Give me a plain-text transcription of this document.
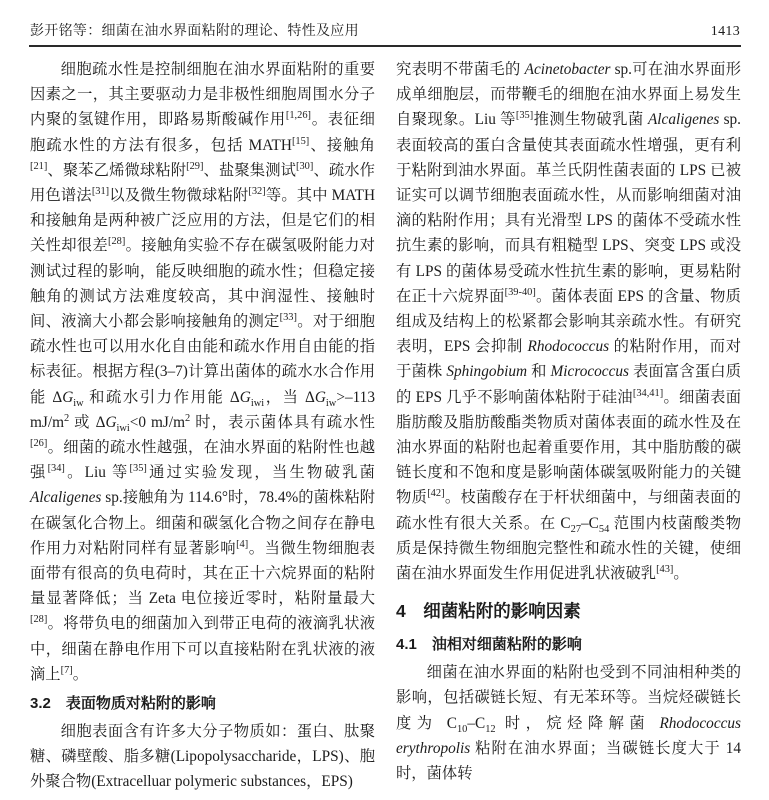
彭开铭等：细菌在油水界面粘附的理论、特性及应用	1413

细胞疏水性是控制细胞在油水界面粘附的重要因素之一，其主要驱动力是非极性细胞周围水分子内聚的氢键作用，即路易斯酸碱作用[1,26]。表征细胞疏水性的方法有很多，包括 MATH[15]、接触角[21]、聚苯乙烯微球粘附[29]、盐聚集测试[30]、疏水作用色谱法[31]以及微生物微球粘附[32]等。其中 MATH 和接触角是两种被广泛应用的方法，但是它们的相关性却很差[28]。接触角实验不存在碳氢吸附能力对测试过程的影响，能反映细胞的疏水性；但稳定接触角的测试方法难度较高，其中润湿性、接触时间、液滴大小都会影响接触角的测定[33]。对于细胞疏水性也可以用水化自由能和疏水作用自由能的指标表征。根据方程(3–7)计算出菌体的疏水水合作用能 $\Delta G_{iw}$ 和疏水引力作用能 $\Delta G_{iwi}$，当 $\Delta G_{iw}>-113$ $mJ/m^2$ 或 $\Delta G_{iwi}<0$ $mJ/m^2$ 时，表示菌体具有疏水性[26]。细菌的疏水性越强，在油水界面的粘附性也越强[34]。Liu 等[35]通过实验发现，当生物破乳菌 Alcaligenes sp.接触角为 114.6°时，78.4%的菌株粘附在碳氢化合物上。细菌和碳氢化合物之间存在静电作用力对粘附同样有显著影响[4]。当微生物细胞表面带有很高的负电荷时，其在正十六烷界面的粘附量显著降低；当 Zeta 电位接近零时，粘附量最大[28]。将带负电的细菌加入到带正电荷的液滴乳状液中，细菌在静电作用下可以直接粘附在乳状液的液滴上[7]。

3.2 表面物质对粘附的影响

细胞表面含有许多大分子物质如：蛋白、肽聚糖、磷壁酸、脂多糖(Lipopolysaccharide，LPS)、胞外聚合物(Extracelluar polymeric substances，EPS)

究表明不带菌毛的 Acinetobacter sp.可在油水界面形成单细胞层，而带鞭毛的细胞在油水界面上易发生自聚现象。Liu 等[35]推测生物破乳菌 Alcaligenes sp.表面较高的蛋白含量使其表面疏水性增强，更有利于粘附到油水界面。革兰氏阴性菌表面的 LPS 已被证实可以调节细胞表面疏水性，从而影响细菌对油滴的粘附作用；具有光滑型 LPS 的菌体不受疏水性抗生素的影响，而具有粗糙型 LPS、突变 LPS 或没有 LPS 的菌体易受疏水性抗生素的影响，更易粘附在正十六烷界面[39-40]。菌体表面 EPS 的含量、物质组成及结构上的松紧都会影响其亲疏水性。有研究表明，EPS 会抑制 Rhodococcus 的粘附作用，而对于菌株 Sphingobium 和 Micrococcus 表面富含蛋白质的 EPS 几乎不影响菌体粘附于硅油[34,41]。细菌表面脂肪酸及脂肪酸酯类物质对菌体表面的疏水性及在油水界面的粘附也起着重要作用，其中脂肪酸的碳链长度和不饱和度是影响菌体碳氢吸附能力的关键物质[42]。枝菌酸存在于杆状细菌中，与细菌表面的疏水性有很大关系。在 $C_{27}-C_{54}$ 范围内枝菌酸类物质是保持微生物细胞完整性和疏水性的关键，使细菌在油水界面发生作用促进乳状液破乳[43]。

4 细菌粘附的影响因素
4.1 油相对细菌粘附的影响

细菌在油水界面的粘附也受到不同油相种类的影响，包括碳链长短、有无苯环等。当烷烃碳链长度为 $C_{10}-C_{12}$ 时，烷烃降解菌 Rhodococcus erythropolis 粘附在油水界面；当碳链长度大于 14 时，菌体转
